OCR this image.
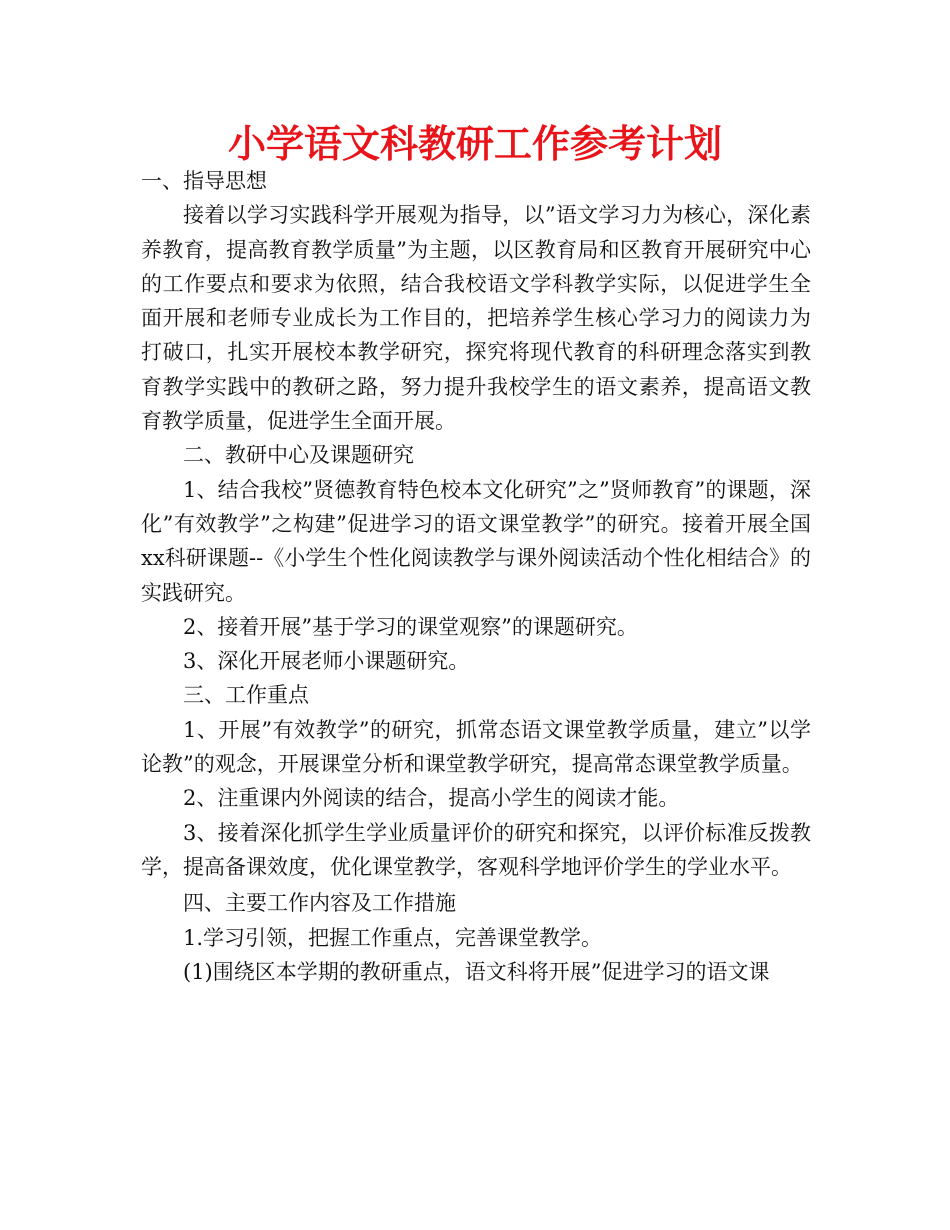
小学语文科教研工作参考计划

一、指导思想

接着以学习实践科学开展观为指导，以”语文学习力为核心，深化素养教育，提高教育教学质量”为主题，以区教育局和区教育开展研究中心的工作要点和要求为依照，结合我校语文学科教学实际，以促进学生全面开展和老师专业成长为工作目的，把培养学生核心学习力的阅读力为打破口，扎实开展校本教学研究，探究将现代教育的科研理念落实到教育教学实践中的教研之路，努力提升我校学生的语文素养，提高语文教育教学质量，促进学生全面开展。

二、教研中心及课题研究

1、结合我校”贤德教育特色校本文化研究”之”贤师教育”的课题，深化”有效教学”之构建”促进学习的语文课堂教学”的研究。接着开展全国xx科研课题--《小学生个性化阅读教学与课外阅读活动个性化相结合》的实践研究。

2、接着开展”基于学习的课堂观察”的课题研究。

3、深化开展老师小课题研究。

三、工作重点

1、开展”有效教学”的研究，抓常态语文课堂教学质量，建立”以学论教”的观念，开展课堂分析和课堂教学研究，提高常态课堂教学质量。

2、注重课内外阅读的结合，提高小学生的阅读才能。

3、接着深化抓学生学业质量评价的研究和探究，以评价标准反拨教学，提高备课效度，优化课堂教学，客观科学地评价学生的学业水平。

四、主要工作内容及工作措施

1.学习引领，把握工作重点，完善课堂教学。

(1)围绕区本学期的教研重点，语文科将开展”促进学习的语文课
